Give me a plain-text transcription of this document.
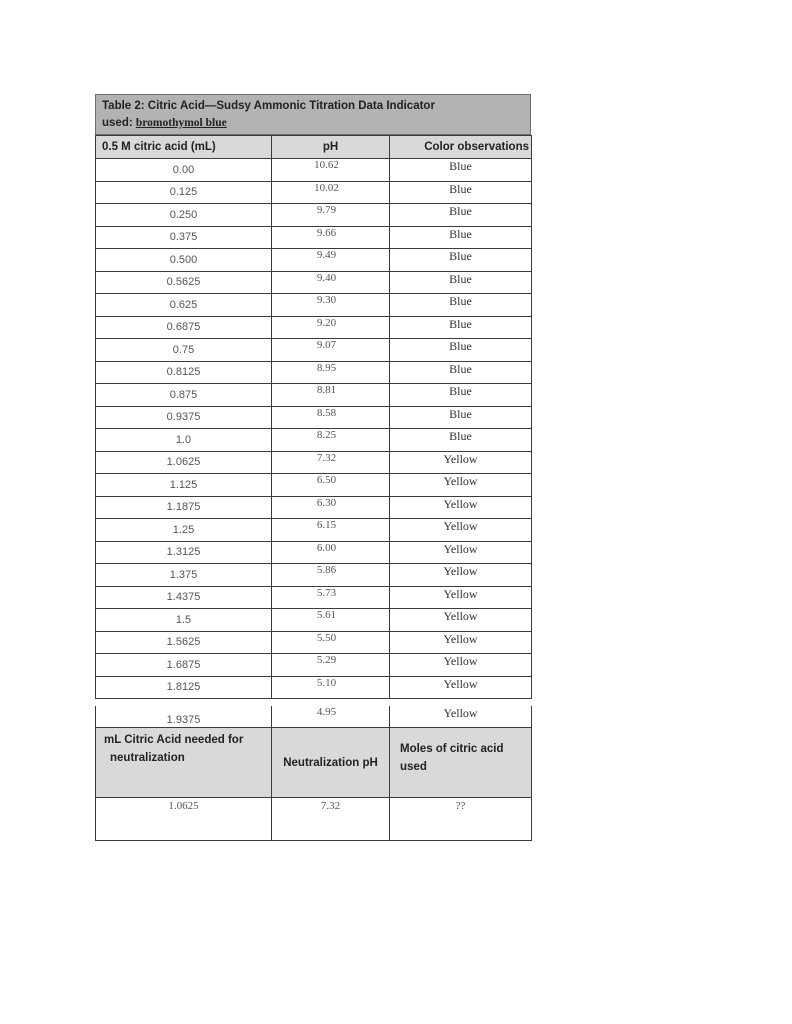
Table 2: Citric Acid—Sudsy Ammonic Titration Data Indicator
used: bromothymol blue
0.5 M citric acid (mL)	pH	Color observations
0.00	10.62	Blue
0.125	10.02	Blue
0.250	9.79	Blue
0.375	9.66	Blue
0.500	9.49	Blue
0.5625	9.40	Blue
0.625	9.30	Blue
0.6875	9.20	Blue
0.75	9.07	Blue
0.8125	8.95	Blue
0.875	8.81	Blue
0.9375	8.58	Blue
1.0	8.25	Blue
1.0625	7.32	Yellow
1.125	6.50	Yellow
1.1875	6.30	Yellow
1.25	6.15	Yellow
1.3125	6.00	Yellow
1.375	5.86	Yellow
1.4375	5.73	Yellow
1.5	5.61	Yellow
1.5625	5.50	Yellow
1.6875	5.29	Yellow
1.8125	5.10	Yellow
1.9375	4.95	Yellow
mL Citric Acid needed for
neutralization	Neutralization pH	Moles of citric acid used
1.0625	7.32	??
